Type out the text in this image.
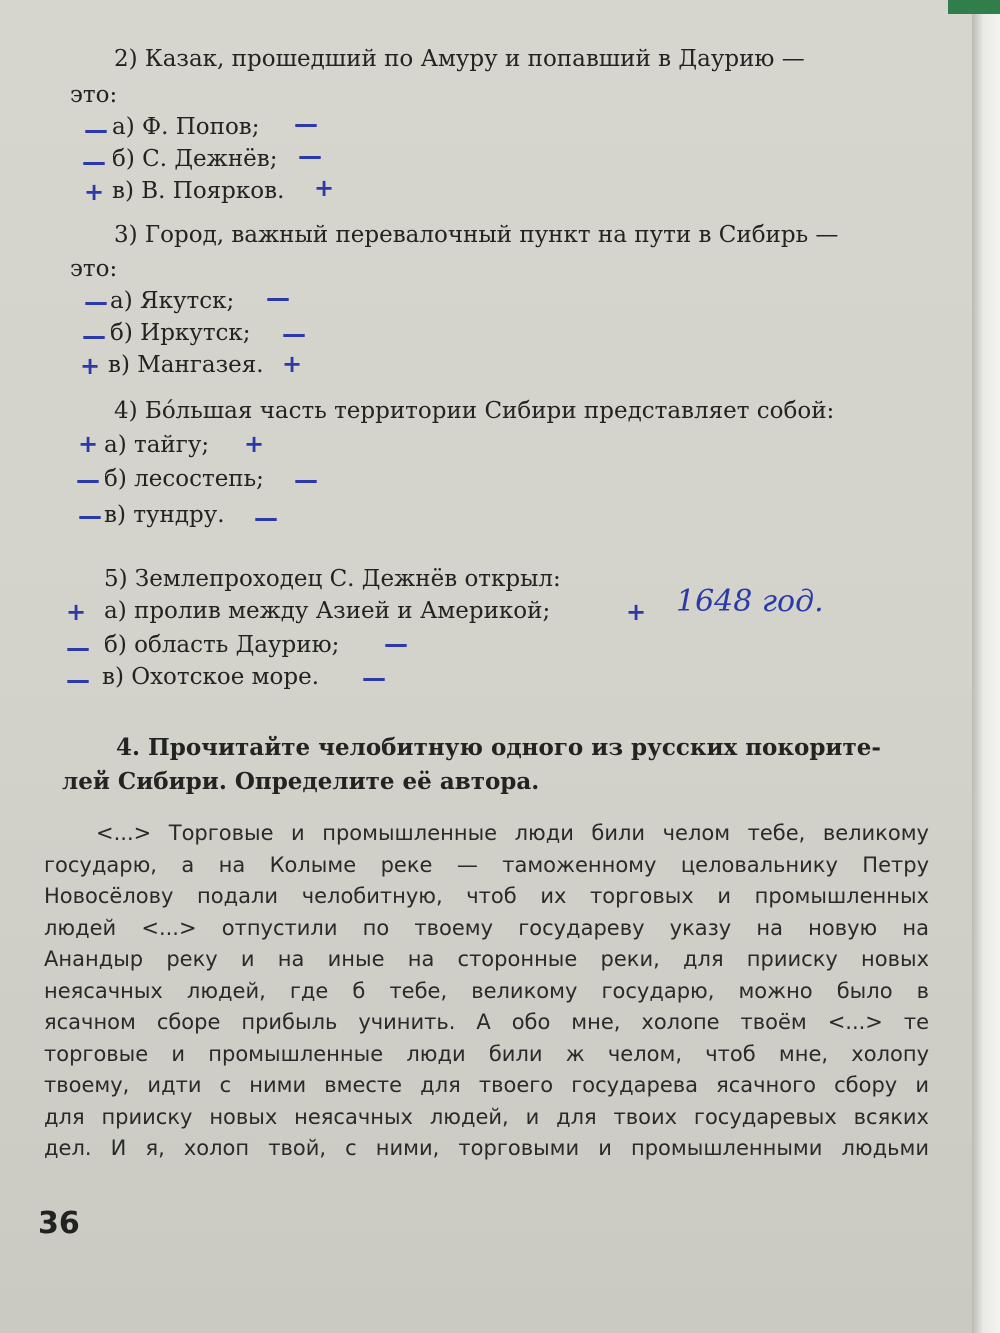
2) Казак, прошедший по Амуру и попавший в Даурию —
это:
— а) Ф. Попов; —
— б) С. Дежнёв; —
+ в) В. Поярков. +
3) Город, важный перевалочный пункт на пути в Сибирь —
это:
— а) Якутск; —
— б) Иркутск; —
+ в) Мангазея. +
4) Бо́льшая часть территории Сибири представляет собой:
+ а) тайгу; +
— б) лесостепь; —
— в) тундру. —
5) Землепроходец С. Дежнёв открыл:
+ а) пролив между Азией и Америкой;	+ 1648 год.
— б) область Даурию; —
— в) Охотское море. —
4. Прочитайте челобитную одного из русских покорите-
лей Сибири. Определите её автора.
<...> Торговые и промышленные люди били челом тебе, великому
государю, а на Колыме реке — таможенному целовальнику Петру
Новосёлову подали челобитную, чтоб их торговых и промышленных
людей <...> отпустили по твоему государеву указу на новую на
Анандыр реку и на иные на сторонные реки, для прииску новых
неясачных людей, где б тебе, великому государю, можно было в
ясачном сборе прибыль учинить. А обо мне, холопе твоём <...> те
торговые и промышленные люди били ж челом, чтоб мне, холопу
твоему, идти с ними вместе для твоего государева ясачного сбору и
для прииску новых неясачных людей, и для твоих государевых всяких
дел. И я, холоп твой, с ними, торговыми и промышленными людьми
36
